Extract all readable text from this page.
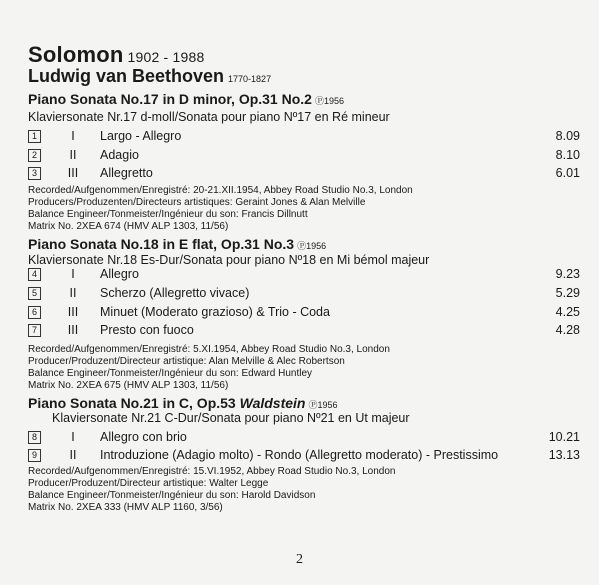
Solomon 1902 - 1988
Ludwig van Beethoven 1770-1827
Piano Sonata No.17 in D minor, Op.31 No.2 Ⓟ1956
Klaviersonate Nr.17 d-moll/Sonata pour piano Nº17 en Ré mineur
1	I	Largo - Allegro	8.09
2	II	Adagio	8.10
3	III	Allegretto	6.01
Recorded/Aufgenommen/Enregistré: 20-21.XII.1954, Abbey Road Studio No.3, London
Producers/Produzenten/Directeurs artistiques: Geraint Jones & Alan Melville
Balance Engineer/Tonmeister/Ingénieur du son: Francis Dillnutt
Matrix No. 2XEA 674 (HMV ALP 1303, 11/56)
Piano Sonata No.18 in E flat, Op.31 No.3 Ⓟ1956
Klaviersonate Nr.18 Es-Dur/Sonata pour piano Nº18 en Mi bémol majeur
4	I	Allegro	9.23
5	II	Scherzo (Allegretto vivace)	5.29
6	III	Minuet (Moderato grazioso) & Trio - Coda	4.25
7	III	Presto con fuoco	4.28
Recorded/Aufgenommen/Enregistré: 5.XI.1954, Abbey Road Studio No.3, London
Producer/Produzent/Directeur artistique: Alan Melville & Alec Robertson
Balance Engineer/Tonmeister/Ingénieur du son: Edward Huntley
Matrix No. 2XEA 675 (HMV ALP 1303, 11/56)
Piano Sonata No.21 in C, Op.53 Waldstein Ⓟ1956
Klaviersonate Nr.21 C-Dur/Sonata pour piano Nº21 en Ut majeur
8	I	Allegro con brio	10.21
9	II	Introduzione (Adagio molto) - Rondo (Allegretto moderato) - Prestissimo	13.13
Recorded/Aufgenommen/Enregistré: 15.VI.1952, Abbey Road Studio No.3, London
Producer/Produzent/Directeur artistique: Walter Legge
Balance Engineer/Tonmeister/Ingénieur du son: Harold Davidson
Matrix No. 2XEA 333 (HMV ALP 1160, 3/56)
2
